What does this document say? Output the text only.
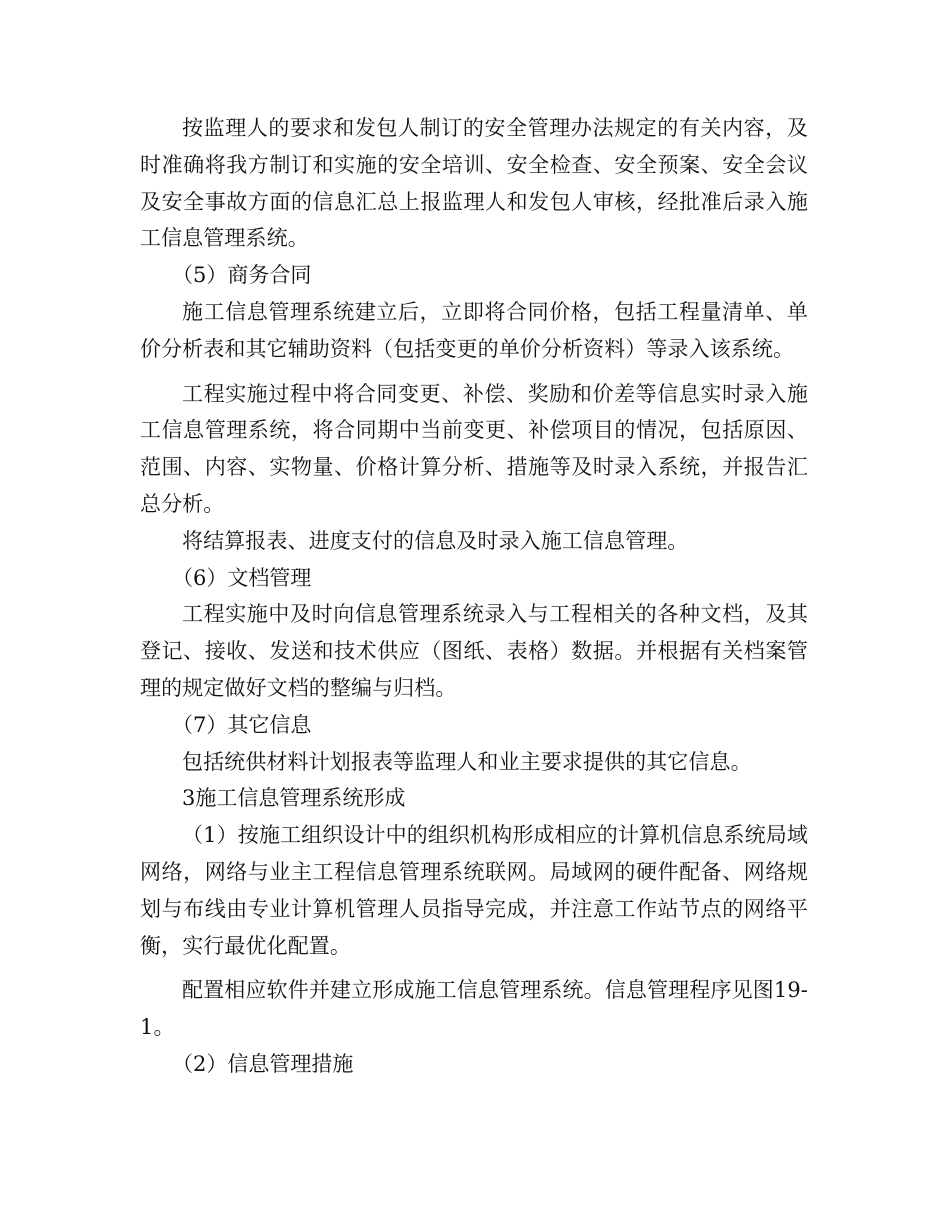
按监理人的要求和发包人制订的安全管理办法规定的有关内容，及时准确将我方制订和实施的安全培训、安全检查、安全预案、安全会议及安全事故方面的信息汇总上报监理人和发包人审核，经批准后录入施工信息管理系统。

（5）商务合同

施工信息管理系统建立后，立即将合同价格，包括工程量清单、单价分析表和其它辅助资料（包括变更的单价分析资料）等录入该系统。

工程实施过程中将合同变更、补偿、奖励和价差等信息实时录入施工信息管理系统，将合同期中当前变更、补偿项目的情况，包括原因、范围、内容、实物量、价格计算分析、措施等及时录入系统，并报告汇总分析。

将结算报表、进度支付的信息及时录入施工信息管理。

（6）文档管理

工程实施中及时向信息管理系统录入与工程相关的各种文档，及其登记、接收、发送和技术供应（图纸、表格）数据。并根据有关档案管理的规定做好文档的整编与归档。

（7）其它信息

包括统供材料计划报表等监理人和业主要求提供的其它信息。

3施工信息管理系统形成

（1）按施工组织设计中的组织机构形成相应的计算机信息系统局域网络，网络与业主工程信息管理系统联网。局域网的硬件配备、网络规划与布线由专业计算机管理人员指导完成，并注意工作站节点的网络平衡，实行最优化配置。

配置相应软件并建立形成施工信息管理系统。信息管理程序见图19-1。

（2）信息管理措施
